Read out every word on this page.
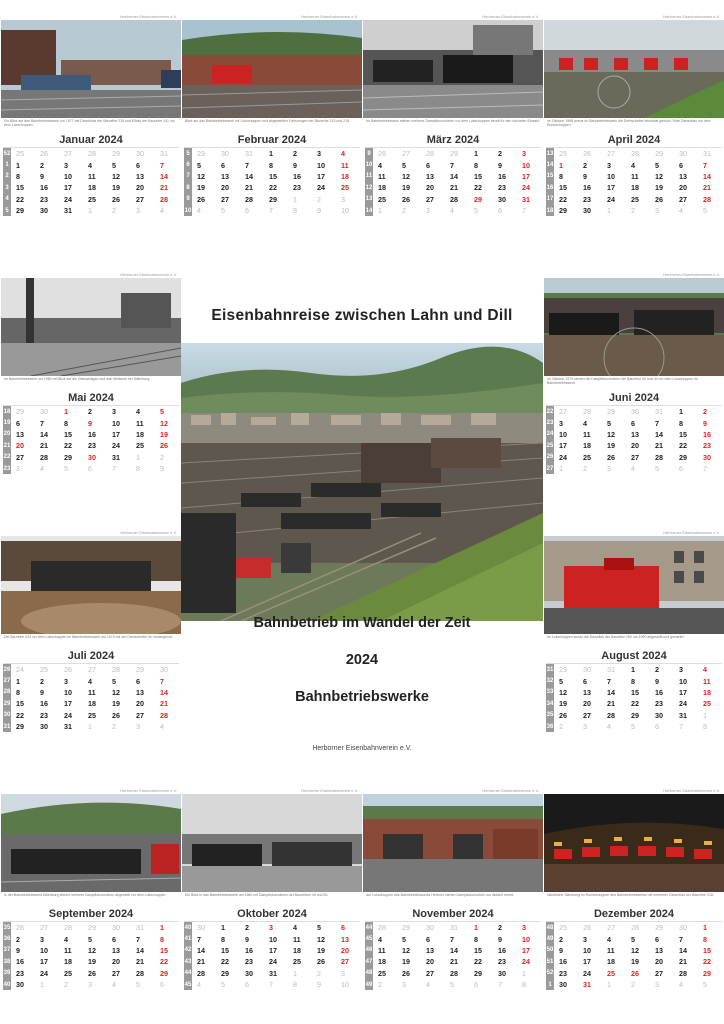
Herborner Eisenbahnverein e.V.
Ein Blick auf den Bahnbetriebswerk um 1977 mit Dieselloks der Baureihe 215 und Elloks der Baureihe 141 vor dem Lokschuppen.
Januar 2024
52	25	26	27	28	29	30	31
1	1	2	3	4	5	6	7
2	8	9	10	11	12	13	14
3	15	16	17	18	19	20	21
4	22	23	24	25	26	27	28
5	29	30	31	1	2	3	4
Herborner Eisenbahnverein e.V.
Blick auf das Bahnbetriebswerk mit Lokschuppen und abgestellten Fahrzeugen der Baureihe 215 und 218.
Februar 2024
5	29	30	31	1	2	3	4
6	5	6	7	8	9	10	11
7	12	13	14	15	16	17	18
8	19	20	21	22	23	24	25
9	26	27	28	29	1	2	3
10	4	5	6	7	8	9	10
Herborner Eisenbahnverein e.V.
Im Bahnbetriebswerk stehen mehrere Dampflokomotiven vor dem Lokschuppen bereit für den nächsten Einsatz.
März 2024
9	26	27	28	29	1	2	3
10	4	5	6	7	8	9	10
11	11	12	13	14	15	16	17
12	18	19	20	21	22	23	24
13	25	26	27	28	29	30	31
14	1	2	3	4	5	6	7
Herborner Eisenbahnverein e.V.
Im Oktober 1998 wurde im Bahnbetriebswerk die Drehscheibe letztmals genutzt. Rote Dieselloks vor dem Rundschuppen.
April 2024
13	25	26	27	28	29	30	31
14	1	2	3	4	5	6	7
15	8	9	10	11	12	13	14
16	15	16	17	18	19	20	21
17	22	23	24	25	26	27	28
18	29	30	1	2	3	4	5
Herborner Eisenbahnverein e.V.
Im Bahnbetriebswerk um 1965 mit Blick auf die Gleisanlagen und das Stellwerk bei Dillenburg.
Mai 2024
18	29	30	1	2	3	4	5
19	6	7	8	9	10	11	12
20	13	14	15	16	17	18	19
21	20	21	22	23	24	25	26
22	27	28	29	30	31	1	2
23	3	4	5	6	7	8	9
Herborner Eisenbahnverein e.V.
Im Oktober 1970 stehen die Dampflokomotiven der Baureihe 50 und 44 vor dem Lokschuppen im Bahnbetriebswerk.
Juni 2024
22	27	28	29	30	31	1	2
23	3	4	5	6	7	8	9
24	10	11	12	13	14	15	16
25	17	18	19	20	21	22	23
26	24	25	26	27	28	29	30
27	1	2	3	4	5	6	7
Herborner Eisenbahnverein e.V.
Die Baureihe 044 vor dem Lokschuppen im Bahnbetriebswerk um 1975 mit der Drehscheibe im Vordergrund.
Juli 2024
26	24	25	26	27	28	29	30
27	1	2	3	4	5	6	7
28	8	9	10	11	12	13	14
29	15	16	17	18	19	20	21
30	22	23	24	25	26	27	28
31	29	30	31	1	2	3	4
Herborner Eisenbahnverein e.V.
Im Lokschuppen wurde die Diesellok der Baureihe 260 um 1990 abgestellt und gewartet.
August 2024
31	29	30	31	1	2	3	4
32	5	6	7	8	9	10	11
33	12	13	14	15	16	17	18
34	19	20	21	22	23	24	25
35	26	27	28	29	30	31	1
36	2	3	4	5	6	7	8
Herborner Eisenbahnverein e.V.
In der Bahnbetriebswerk Dillenburg stehen mehrere Dampflokomotiven abgestellt vor dem Lokschuppen.
September 2024
35	26	27	28	29	30	31	1
36	2	3	4	5	6	7	8
37	9	10	11	12	13	14	15
38	16	17	18	19	20	21	22
39	23	24	25	26	27	28	29
40	30	1	2	3	4	5	6
Herborner Eisenbahnverein e.V.
Ein Blick in das Bahnbetriebswerk um 1960 mit Dampflokomotiven der Baureihen 44 und 50.
Oktober 2024
40	30	1	2	3	4	5	6
41	7	8	9	10	11	12	13
42	14	15	16	17	18	19	20
43	21	22	23	24	25	26	27
44	28	29	30	31	1	2	3
45	4	5	6	7	8	9	10
Herborner Eisenbahnverein e.V.
Am Lokschuppen des Bahnbetriebswerks Herborn stehen Dampflokomotiven zur Abfahrt bereit.
November 2024
44	28	29	30	31	1	2	3
45	4	5	6	7	8	9	10
46	11	12	13	14	15	16	17
47	18	19	20	21	22	23	24
48	25	26	27	28	29	30	1
49	2	3	4	5	6	7	8
Herborner Eisenbahnverein e.V.
Nächtliche Stimmung im Rundschuppen des Bahnbetriebswerks mit mehreren Dieselloks der Baureihe 218.
Dezember 2024
48	25	26	27	28	29	30	1
49	2	3	4	5	6	7	8
50	9	10	11	12	13	14	15
51	16	17	18	19	20	21	22
52	23	24	25	26	27	28	29
1	30	31	1	2	3	4	5
Eisenbahnreise zwischen Lahn und Dill
Bahnbetrieb im Wandel der Zeit
2024
Bahnbetriebswerke
Herborner Eisenbahnverein e.V.
